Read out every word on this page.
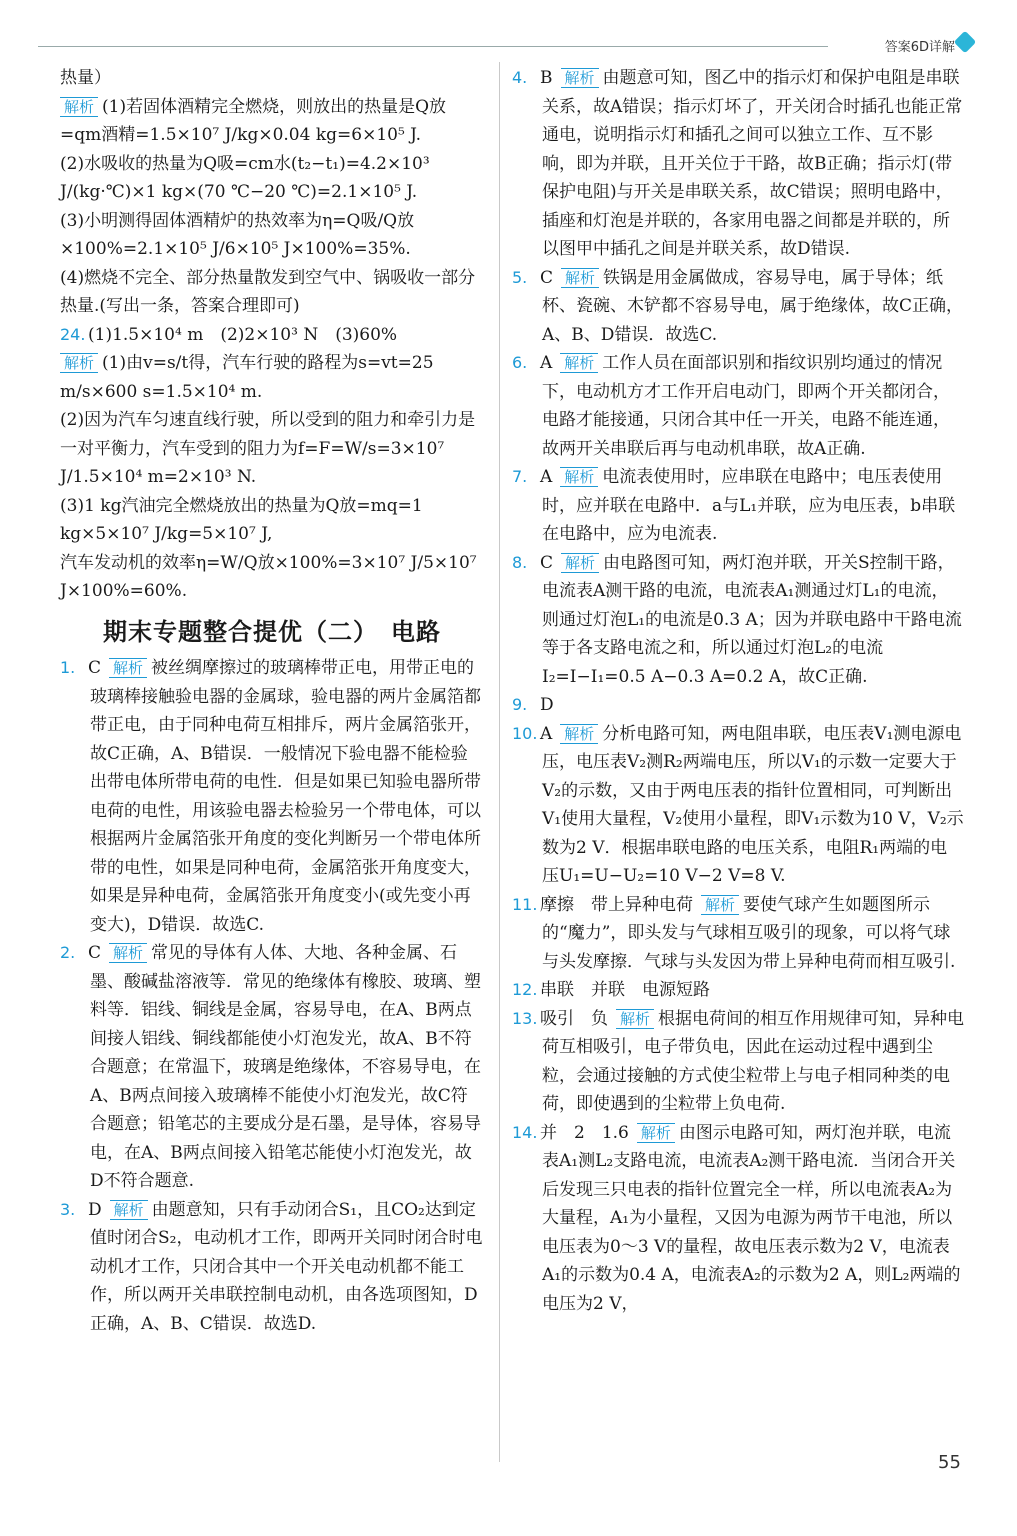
答案6D详解

热量）

解析 (1)若固体酒精完全燃烧，则放出的热量是Q放=qm酒精=1.5×10⁷ J/kg×0.04 kg=6×10⁵ J.

(2)水吸收的热量为Q吸=cm水(t₂−t₁)=4.2×10³ J/(kg·℃)×1 kg×(70 ℃−20 ℃)=2.1×10⁵ J.

(3)小明测得固体酒精炉的热效率为η=Q吸/Q放×100%=2.1×10⁵ J/6×10⁵ J×100%=35%.

(4)燃烧不完全、部分热量散发到空气中、锅吸收一部分热量.(写出一条，答案合理即可)

24. (1)1.5×10⁴ m　(2)2×10³ N　(3)60%

解析 (1)由v=s/t得，汽车行驶的路程为s=vt=25 m/s×600 s=1.5×10⁴ m.

(2)因为汽车匀速直线行驶，所以受到的阻力和牵引力是一对平衡力，汽车受到的阻力为f=F=W/s=3×10⁷ J/1.5×10⁴ m=2×10³ N.

(3)1 kg汽油完全燃烧放出的热量为Q放=mq=1 kg×5×10⁷ J/kg=5×10⁷ J,

汽车发动机的效率η=W/Q放×100%=3×10⁷ J/5×10⁷ J×100%=60%.

期末专题整合提优（二）　电路

1. C 解析 被丝绸摩擦过的玻璃棒带正电，用带正电的玻璃棒接触验电器的金属球，验电器的两片金属箔都带正电，由于同种电荷互相排斥，两片金属箔张开，故C正确，A、B错误．一般情况下验电器不能检验出带电体所带电荷的电性．但是如果已知验电器所带电荷的电性，用该验电器去检验另一个带电体，可以根据两片金属箔张开角度的变化判断另一个带电体所带的电性，如果是同种电荷，金属箔张开角度变大，如果是异种电荷，金属箔张开角度变小(或先变小再变大)，D错误．故选C.

2. C 解析 常见的导体有人体、大地、各种金属、石墨、酸碱盐溶液等．常见的绝缘体有橡胶、玻璃、塑料等．铝线、铜线是金属，容易导电，在A、B两点间接人铝线、铜线都能使小灯泡发光，故A、B不符合题意；在常温下，玻璃是绝缘体，不容易导电，在A、B两点间接入玻璃棒不能使小灯泡发光，故C符合题意；铅笔芯的主要成分是石墨，是导体，容易导电，在A、B两点间接入铅笔芯能使小灯泡发光，故D不符合题意.

3. D 解析 由题意知，只有手动闭合S₁，且CO₂达到定值时闭合S₂，电动机才工作，即两开关同时闭合时电动机才工作，只闭合其中一个开关电动机都不能工作，所以两开关串联控制电动机，由各选项图知，D正确，A、B、C错误．故选D.

4. B 解析 由题意可知，图乙中的指示灯和保护电阻是串联关系，故A错误；指示灯坏了，开关闭合时插孔也能正常通电，说明指示灯和插孔之间可以独立工作、互不影响，即为并联，且开关位于干路，故B正确；指示灯(带保护电阻)与开关是串联关系，故C错误；照明电路中，插座和灯泡是并联的，各家用电器之间都是并联的，所以图甲中插孔之间是并联关系，故D错误.

5. C 解析 铁锅是用金属做成，容易导电，属于导体；纸杯、瓷碗、木铲都不容易导电，属于绝缘体，故C正确，A、B、D错误．故选C.

6. A 解析 工作人员在面部识别和指纹识别均通过的情况下，电动机方才工作开启电动门，即两个开关都闭合，电路才能接通，只闭合其中任一开关，电路不能连通，故两开关串联后再与电动机串联，故A正确.

7. A 解析 电流表使用时，应串联在电路中；电压表使用时，应并联在电路中．a与L₁并联，应为电压表，b串联在电路中，应为电流表.

8. C 解析 由电路图可知，两灯泡并联，开关S控制干路，电流表A测干路的电流，电流表A₁测通过灯L₁的电流，则通过灯泡L₁的电流是0.3 A；因为并联电路中干路电流等于各支路电流之和，所以通过灯泡L₂的电流I₂=I−I₁=0.5 A−0.3 A=0.2 A，故C正确.

9. D

10. A 解析 分析电路可知，两电阻串联，电压表V₁测电源电压，电压表V₂测R₂两端电压，所以V₁的示数一定要大于V₂的示数，又由于两电压表的指针位置相同，可判断出V₁使用大量程，V₂使用小量程，即V₁示数为10 V，V₂示数为2 V．根据串联电路的电压关系，电阻R₁两端的电压U₁=U−U₂=10 V−2 V=8 V.

11. 摩擦　带上异种电荷 解析 要使气球产生如题图所示的“魔力”，即头发与气球相互吸引的现象，可以将气球与头发摩擦．气球与头发因为带上异种电荷而相互吸引.

12. 串联　并联　电源短路

13. 吸引　负 解析 根据电荷间的相互作用规律可知，异种电荷互相吸引，电子带负电，因此在运动过程中遇到尘粒，会通过接触的方式使尘粒带上与电子相同种类的电荷，即使遇到的尘粒带上负电荷.

14. 并　2　1.6 解析 由图示电路可知，两灯泡并联，电流表A₁测L₂支路电流，电流表A₂测干路电流．当闭合开关后发现三只电表的指针位置完全一样，所以电流表A₂为大量程，A₁为小量程，又因为电源为两节干电池，所以电压表为0～3 V的量程，故电压表示数为2 V，电流表A₁的示数为0.4 A，电流表A₂的示数为2 A，则L₂两端的电压为2 V，

55
